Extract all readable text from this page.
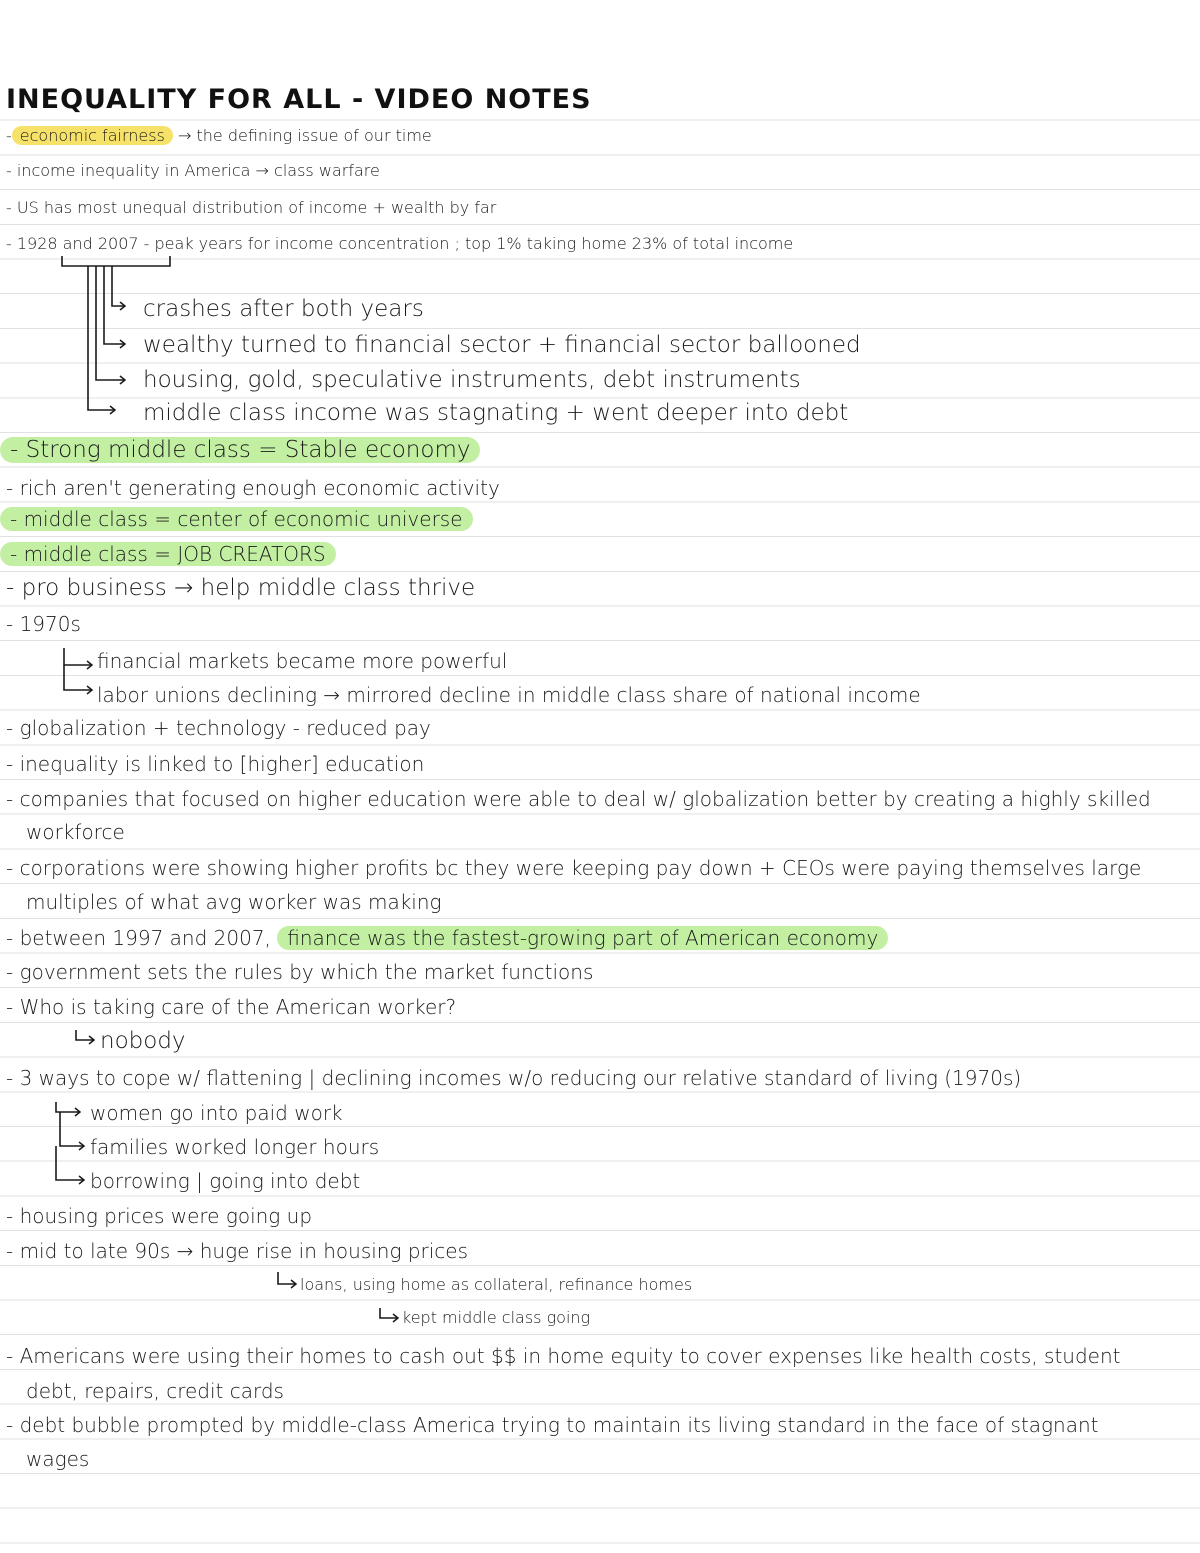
INEQUALITY FOR ALL - VIDEO NOTES
- economic fairness → the defining issue of our time
- income inequality in America → class warfare
- US has most unequal distribution of income + wealth by far
- 1928 and 2007 - peak years for income concentration ; top 1% taking home 23% of total income
crashes after both years
wealthy turned to financial sector + financial sector ballooned
housing, gold, speculative instruments, debt instruments
middle class income was stagnating + went deeper into debt
- Strong middle class = Stable economy
- rich aren't generating enough economic activity
- middle class = center of economic universe
- middle class = JOB CREATORS
- pro business → help middle class thrive
- 1970s
financial markets became more powerful
labor unions declining → mirrored decline in middle class share of national income
- globalization + technology - reduced pay
- inequality is linked to [higher] education
- companies that focused on higher education were able to deal w/ globalization better by creating a highly skilled
workforce
- corporations were showing higher profits bc they were keeping pay down + CEOs were paying themselves large
multiples of what avg worker was making
- between 1997 and 2007, finance was the fastest-growing part of American economy
- government sets the rules by which the market functions
- Who is taking care of the American worker?
nobody
- 3 ways to cope w/ flattening | declining incomes w/o reducing our relative standard of living (1970s)
women go into paid work
families worked longer hours
borrowing | going into debt
- housing prices were going up
- mid to late 90s → huge rise in housing prices
loans, using home as collateral, refinance homes
kept middle class going
- Americans were using their homes to cash out $$ in home equity to cover expenses like health costs, student
debt, repairs, credit cards
- debt bubble prompted by middle-class America trying to maintain its living standard in the face of stagnant
wages
